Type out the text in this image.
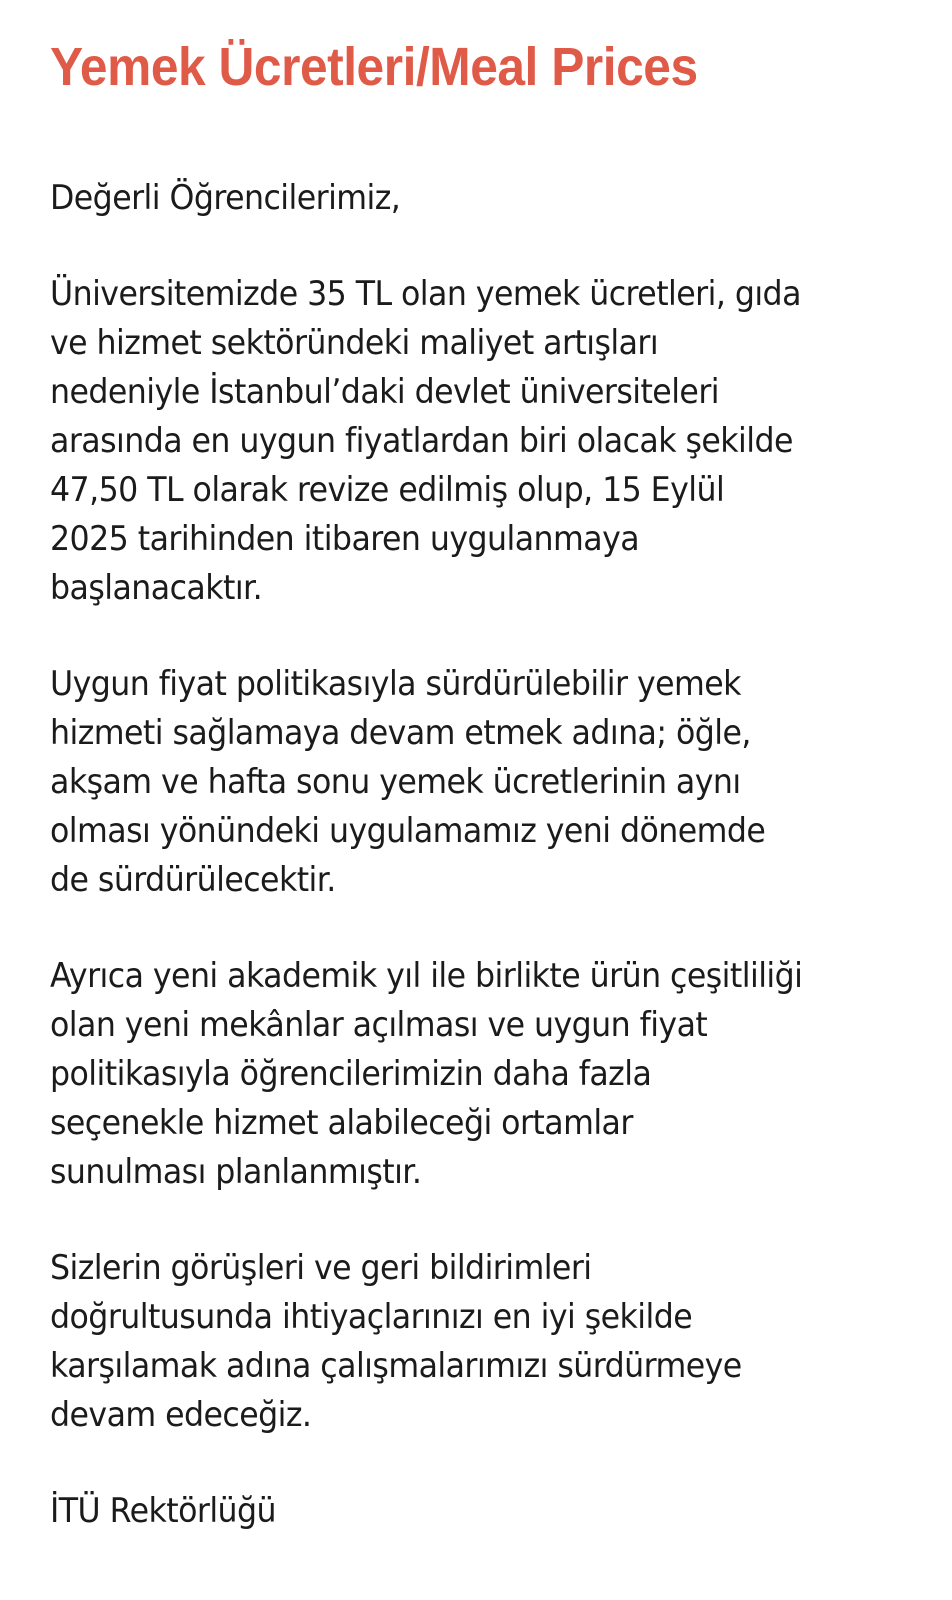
Yemek Ücretleri/Meal Prices

Değerli Öğrencilerimiz,

Üniversitemizde 35 TL olan yemek ücretleri, gıda
ve hizmet sektöründeki maliyet artışları
nedeniyle İstanbul’daki devlet üniversiteleri
arasında en uygun fiyatlardan biri olacak şekilde
47,50 TL olarak revize edilmiş olup, 15 Eylül
2025 tarihinden itibaren uygulanmaya
başlanacaktır.

Uygun fiyat politikasıyla sürdürülebilir yemek
hizmeti sağlamaya devam etmek adına; öğle,
akşam ve hafta sonu yemek ücretlerinin aynı
olması yönündeki uygulamamız yeni dönemde
de sürdürülecektir.

Ayrıca yeni akademik yıl ile birlikte ürün çeşitliliği
olan yeni mekânlar açılması ve uygun fiyat
politikasıyla öğrencilerimizin daha fazla
seçenekle hizmet alabileceği ortamlar
sunulması planlanmıştır.

Sizlerin görüşleri ve geri bildirimleri
doğrultusunda ihtiyaçlarınızı en iyi şekilde
karşılamak adına çalışmalarımızı sürdürmeye
devam edeceğiz.

İTÜ Rektörlüğü
